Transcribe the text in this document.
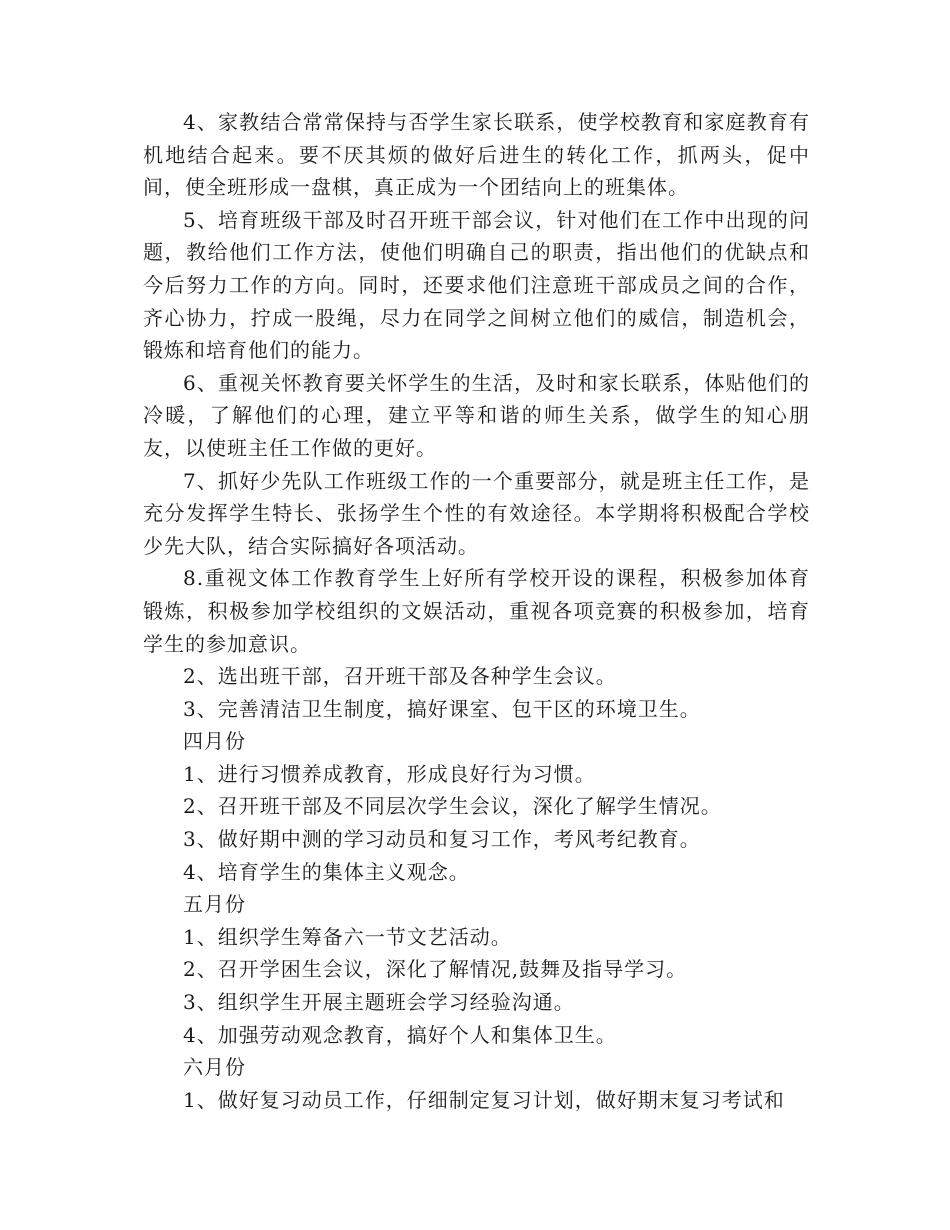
4、家教结合常常保持与否学生家长联系，使学校教育和家庭教育有机地结合起来。要不厌其烦的做好后进生的转化工作，抓两头，促中间，使全班形成一盘棋，真正成为一个团结向上的班集体。

5、培育班级干部及时召开班干部会议，针对他们在工作中出现的问题，教给他们工作方法，使他们明确自己的职责，指出他们的优缺点和今后努力工作的方向。同时，还要求他们注意班干部成员之间的合作，齐心协力，拧成一股绳，尽力在同学之间树立他们的威信，制造机会，锻炼和培育他们的能力。

6、重视关怀教育要关怀学生的生活，及时和家长联系，体贴他们的冷暖，了解他们的心理，建立平等和谐的师生关系，做学生的知心朋友，以使班主任工作做的更好。

7、抓好少先队工作班级工作的一个重要部分，就是班主任工作，是充分发挥学生特长、张扬学生个性的有效途径。本学期将积极配合学校少先大队，结合实际搞好各项活动。

8.重视文体工作教育学生上好所有学校开设的课程，积极参加体育锻炼，积极参加学校组织的文娱活动，重视各项竞赛的积极参加，培育学生的参加意识。

2、选出班干部，召开班干部及各种学生会议。

3、完善清洁卫生制度，搞好课室、包干区的环境卫生。

四月份

1、进行习惯养成教育，形成良好行为习惯。

2、召开班干部及不同层次学生会议，深化了解学生情况。

3、做好期中测的学习动员和复习工作，考风考纪教育。

4、培育学生的集体主义观念。

五月份

1、组织学生筹备六一节文艺活动。

2、召开学困生会议，深化了解情况,鼓舞及指导学习。

3、组织学生开展主题班会学习经验沟通。

4、加强劳动观念教育，搞好个人和集体卫生。

六月份

1、做好复习动员工作，仔细制定复习计划，做好期末复习考试和
